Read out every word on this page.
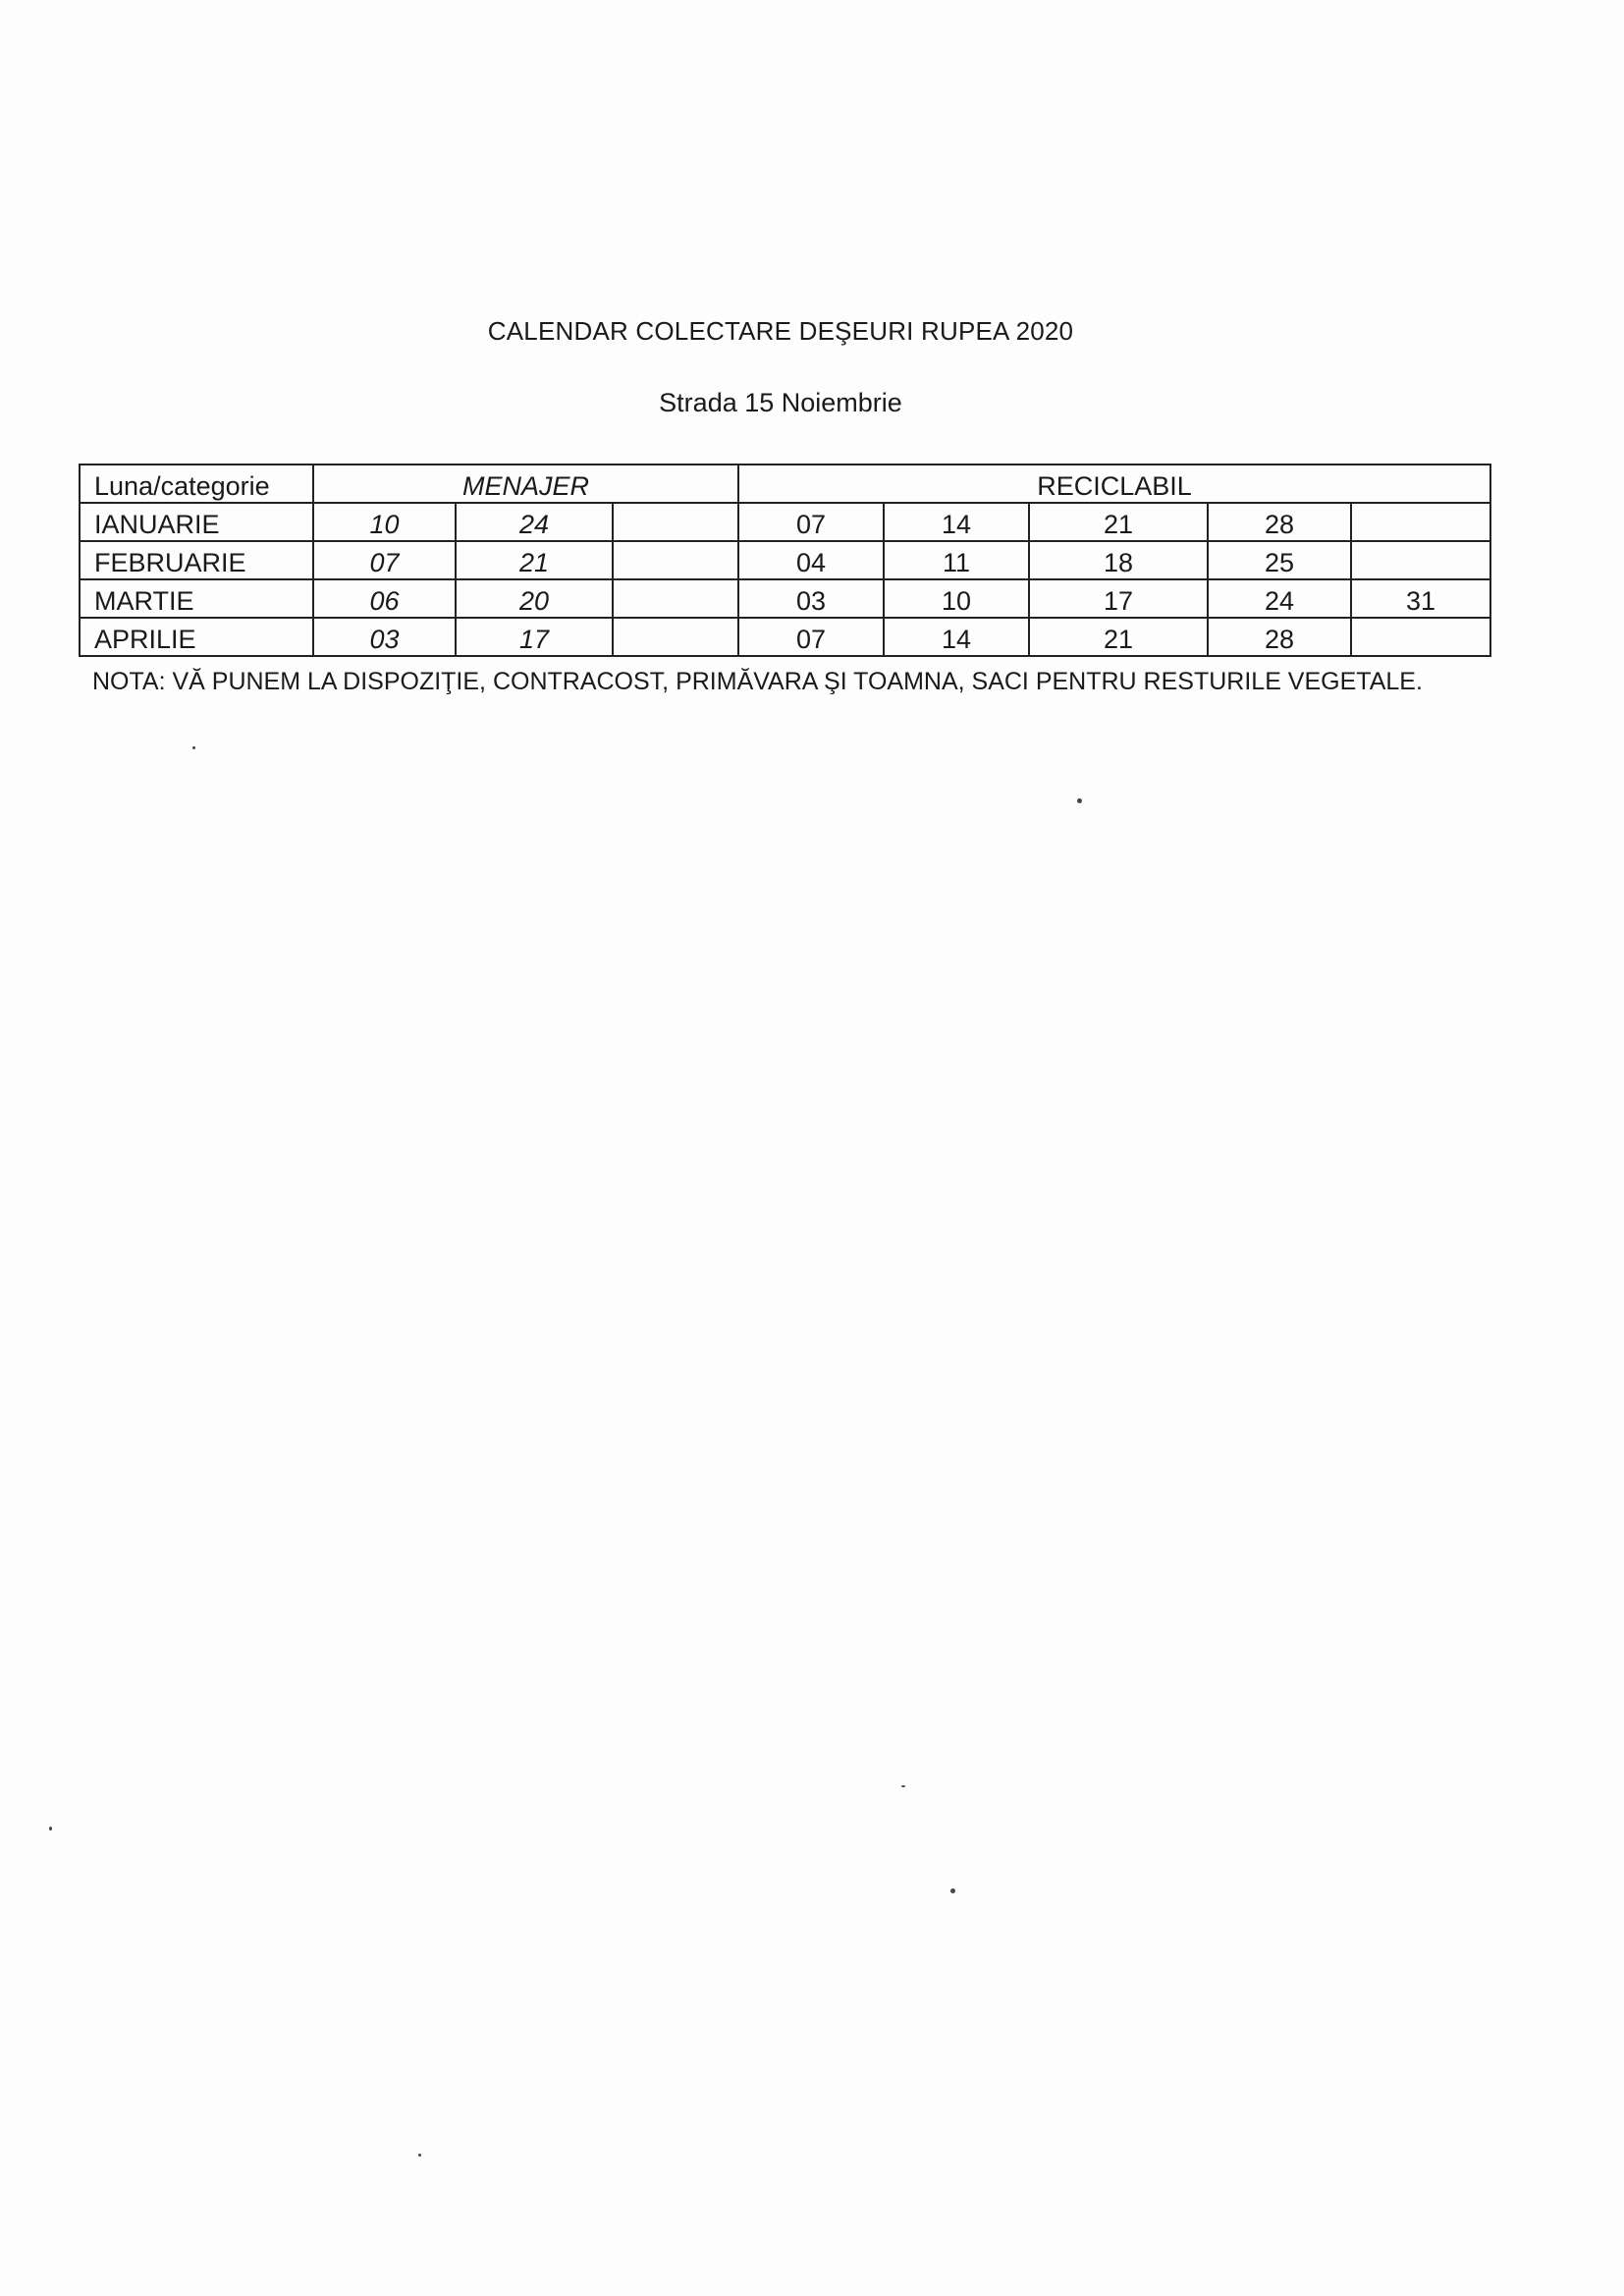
CALENDAR COLECTARE DEŞEURI RUPEA 2020
Strada 15 Noiembrie
Luna/categorie	MENAJER			RECICLABIL				
IANUARIE	10	24		07	14	21	28	
FEBRUARIE	07	21		04	11	18	25	
MARTIE	06	20		03	10	17	24	31
APRILIE	03	17		07	14	21	28	
NOTA: VĂ PUNEM LA DISPOZIŢIE, CONTRACOST, PRIMĂVARA ŞI TOAMNA, SACI PENTRU RESTURILE VEGETALE.
